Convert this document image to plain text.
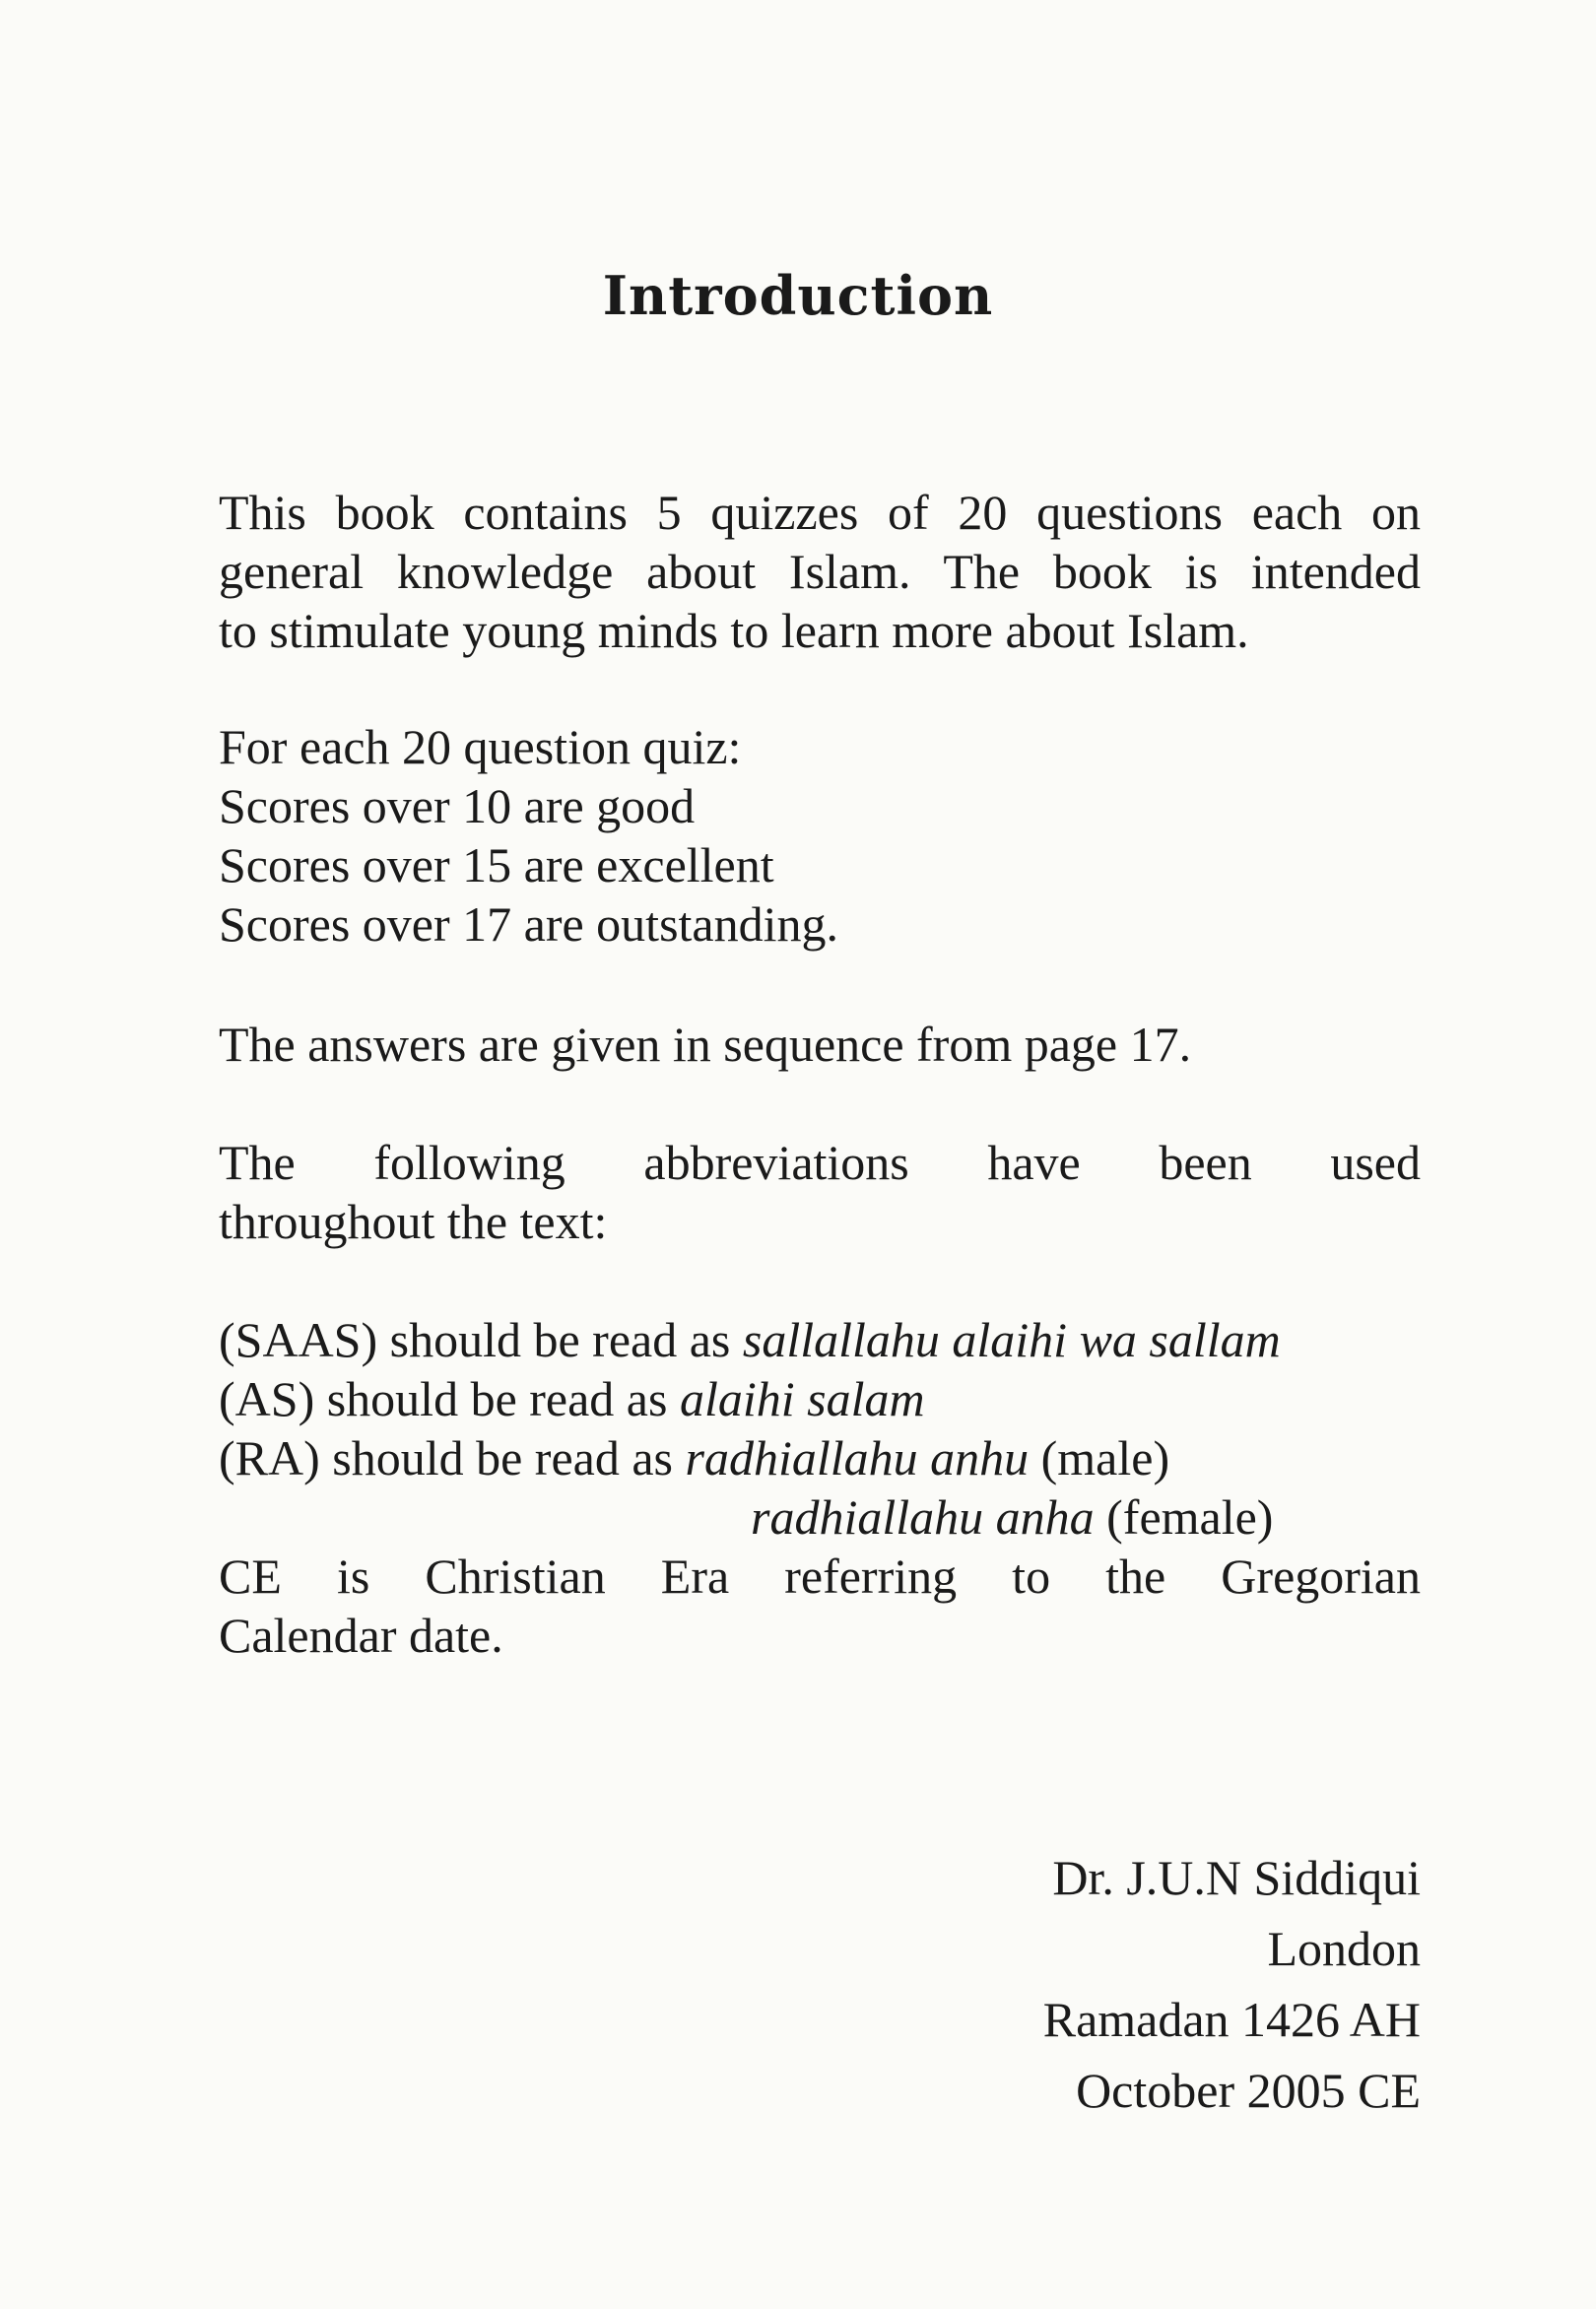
Introduction

This book contains 5 quizzes of 20 questions each on
general knowledge about Islam. The book is intended
to stimulate young minds to learn more about Islam.

For each 20 question quiz:
Scores over 10 are good
Scores over 15 are excellent
Scores over 17 are outstanding.

The answers are given in sequence from page 17.

The following abbreviations have been used
throughout the text:

(SAAS) should be read as sallallahu alaihi wa sallam
(AS) should be read as alaihi salam
(RA) should be read as radhiallahu anhu (male)
radhiallahu anha (female)
CE is Christian Era referring to the Gregorian
Calendar date.

Dr. J.U.N Siddiqui
London
Ramadan 1426 AH
October 2005 CE
